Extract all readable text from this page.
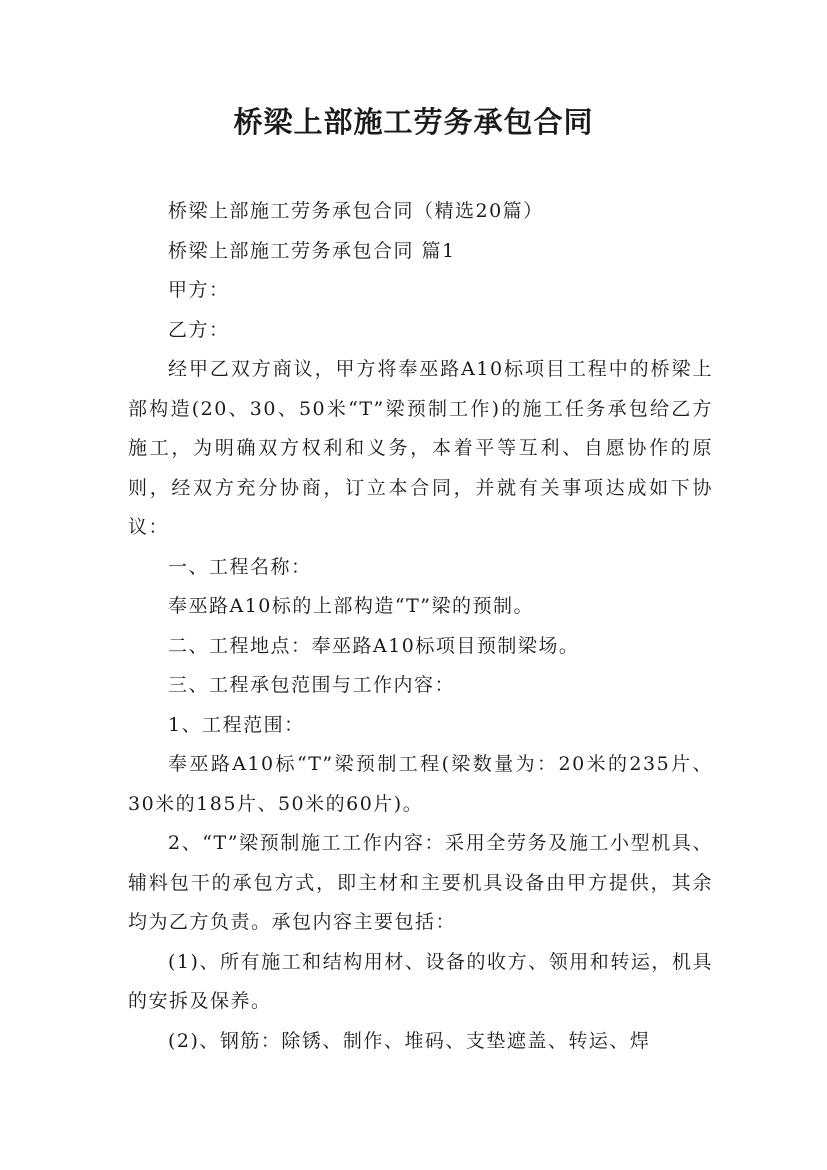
桥梁上部施工劳务承包合同

桥梁上部施工劳务承包合同（精选20篇）

桥梁上部施工劳务承包合同 篇1

甲方：

乙方：

经甲乙双方商议，甲方将奉巫路A10标项目工程中的桥梁上部构造(20、30、50米“T”梁预制工作)的施工任务承包给乙方施工，为明确双方权利和义务，本着平等互利、自愿协作的原则，经双方充分协商，订立本合同，并就有关事项达成如下协议：

一、工程名称：

奉巫路A10标的上部构造“T”梁的预制。

二、工程地点：奉巫路A10标项目预制梁场。

三、工程承包范围与工作内容：

1、工程范围：

奉巫路A10标“T”梁预制工程(梁数量为：20米的235片、30米的185片、50米的60片)。

2、“T”梁预制施工工作内容：采用全劳务及施工小型机具、辅料包干的承包方式，即主材和主要机具设备由甲方提供，其余均为乙方负责。承包内容主要包括：

(1)、所有施工和结构用材、设备的收方、领用和转运，机具的安拆及保养。

(2)、钢筋：除锈、制作、堆码、支垫遮盖、转运、焊
